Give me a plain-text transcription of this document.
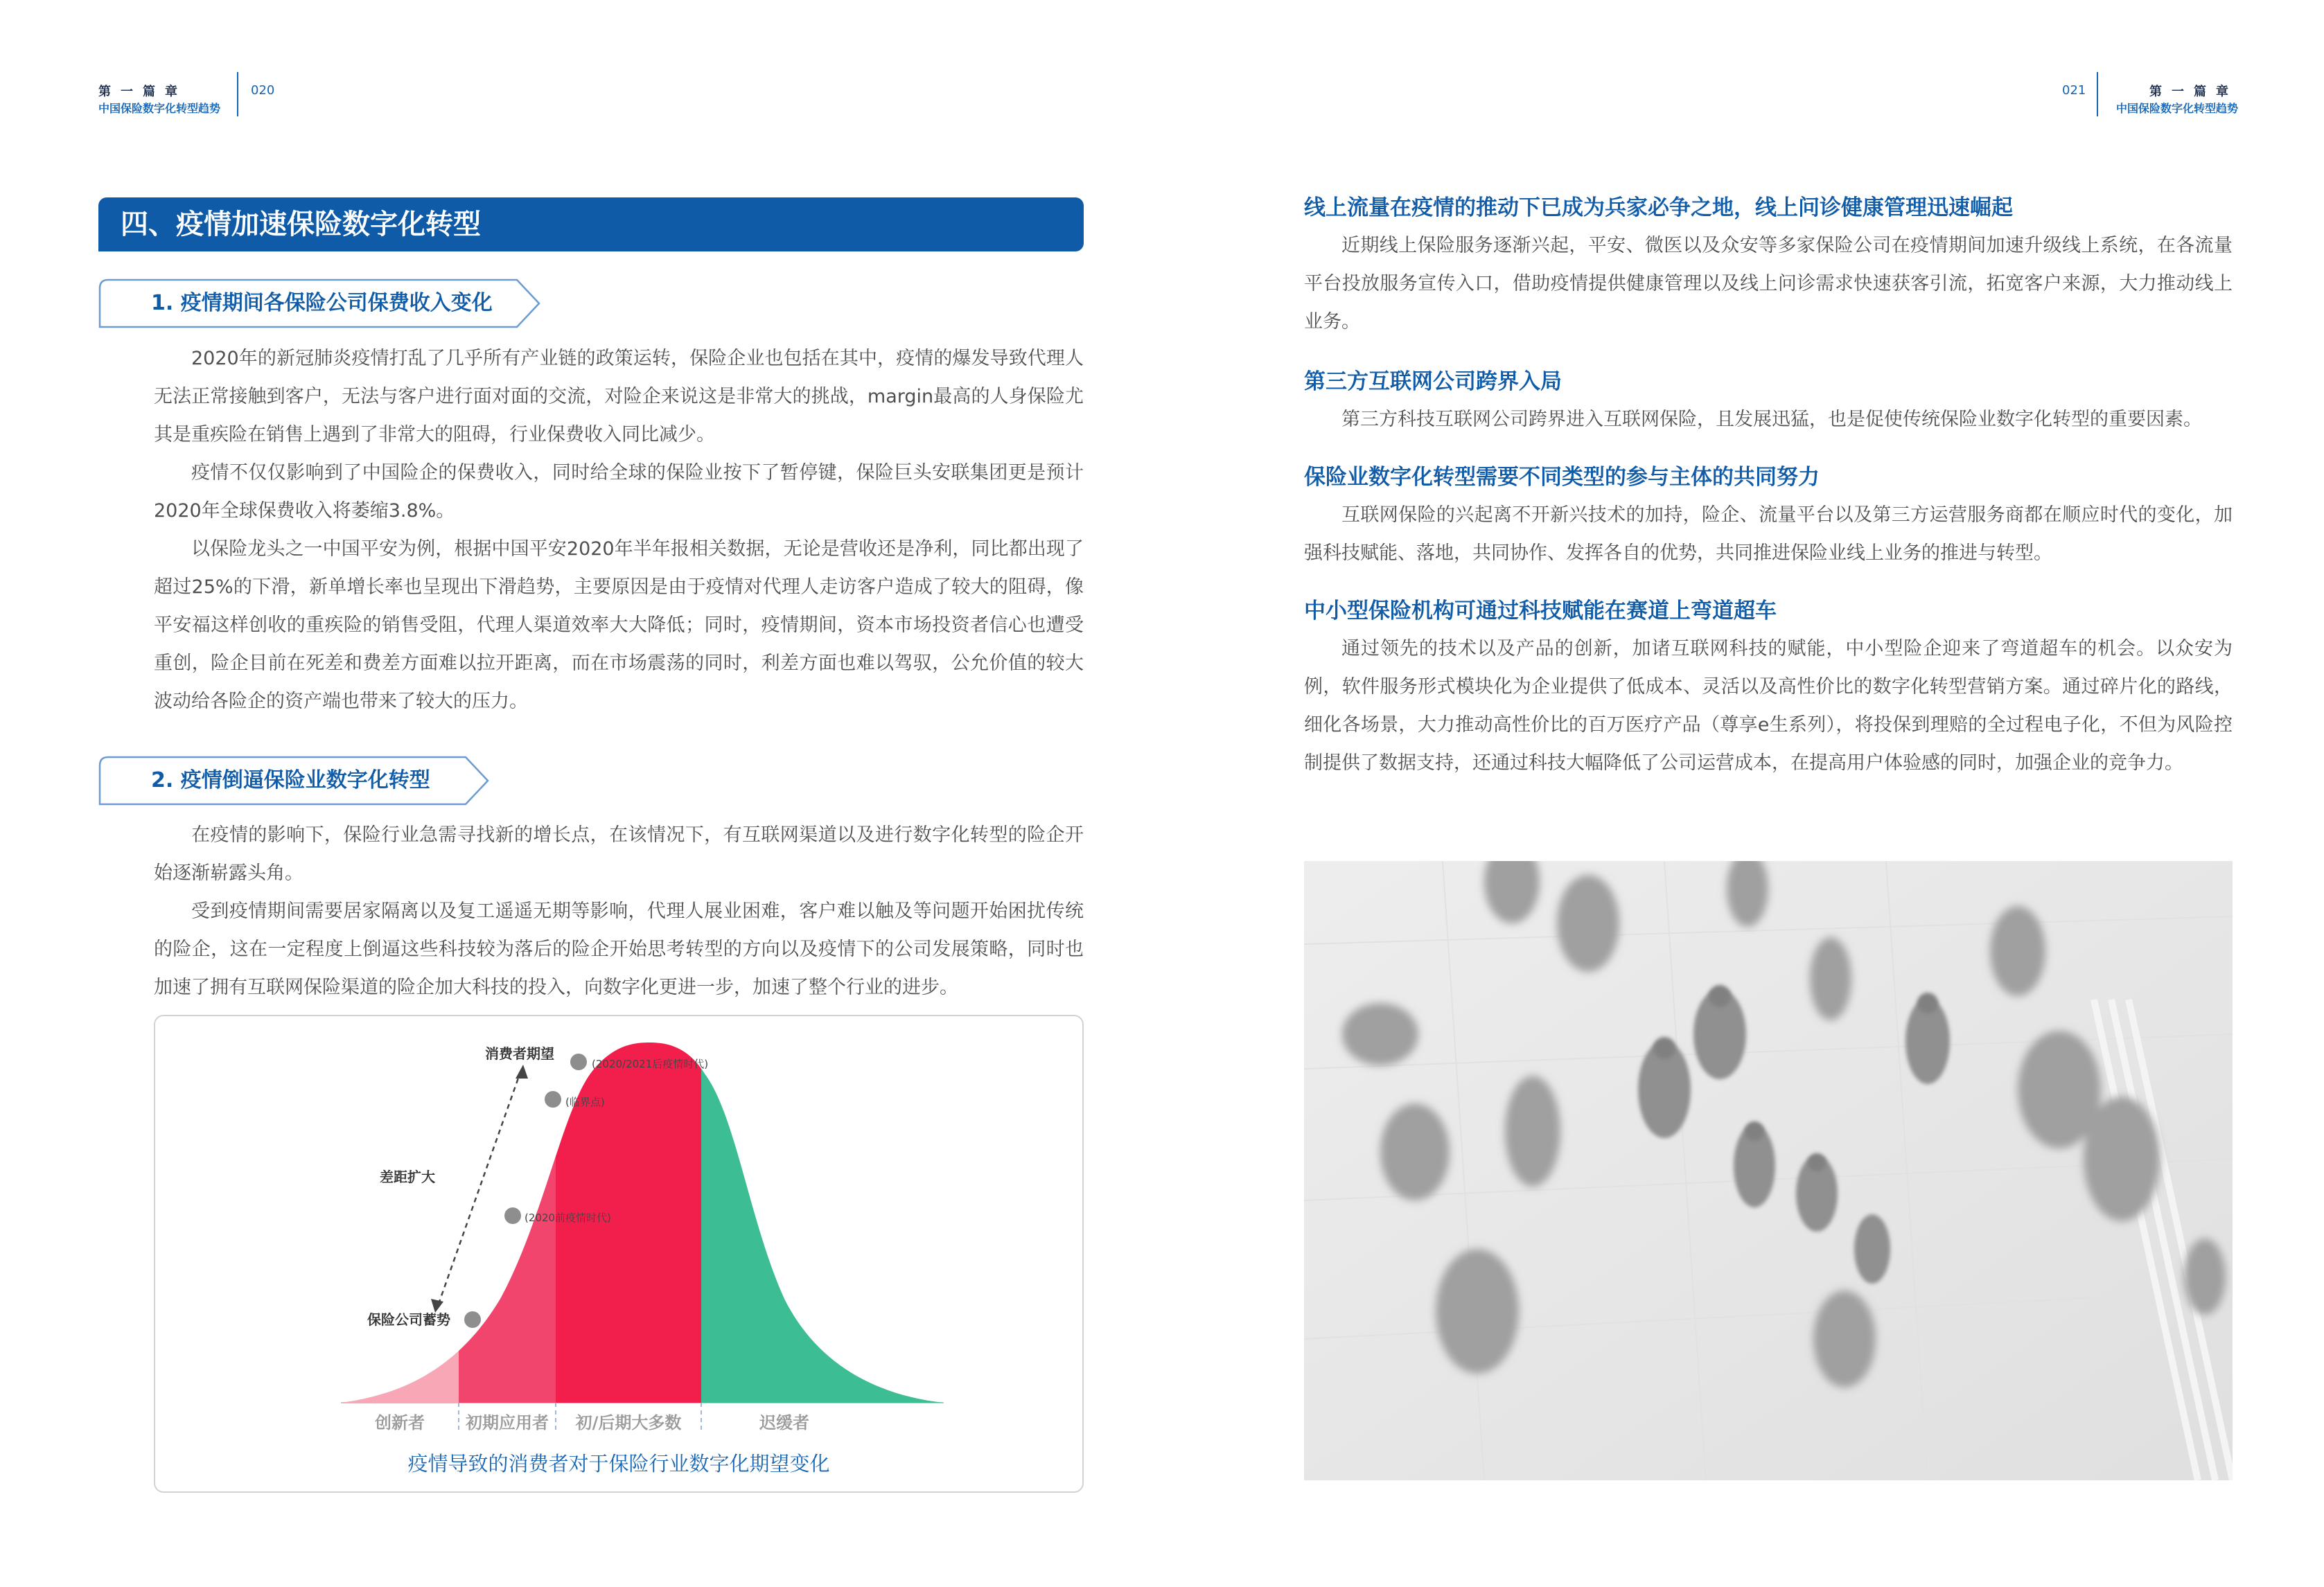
第一篇章
中国保险数字化转型趋势
020	021	第一篇章
中国保险数字化转型趋势
四、疫情加速保险数字化转型
1. 疫情期间各保险公司保费收入变化

2020年的新冠肺炎疫情打乱了几乎所有产业链的政策运转，保险企业也包括在其中，疫情的爆发导致代理人无法正常接触到客户，无法与客户进行面对面的交流，对险企来说这是非常大的挑战，margin最高的人身保险尤其是重疾险在销售上遇到了非常大的阻碍，行业保费收入同比减少。

疫情不仅仅影响到了中国险企的保费收入，同时给全球的保险业按下了暂停键，保险巨头安联集团更是预计2020年全球保费收入将萎缩3.8%。

以保险龙头之一中国平安为例，根据中国平安2020年半年报相关数据，无论是营收还是净利，同比都出现了超过25%的下滑，新单增长率也呈现出下滑趋势，主要原因是由于疫情对代理人走访客户造成了较大的阻碍，像平安福这样创收的重疾险的销售受阻，代理人渠道效率大大降低；同时，疫情期间，资本市场投资者信心也遭受重创，险企目前在死差和费差方面难以拉开距离，而在市场震荡的同时，利差方面也难以驾驭，公允价值的较大波动给各险企的资产端也带来了较大的压力。

2. 疫情倒逼保险业数字化转型

在疫情的影响下，保险行业急需寻找新的增长点，在该情况下，有互联网渠道以及进行数字化转型的险企开始逐渐崭露头角。

受到疫情期间需要居家隔离以及复工遥遥无期等影响，代理人展业困难，客户难以触及等问题开始困扰传统的险企，这在一定程度上倒逼这些科技较为落后的险企开始思考转型的方向以及疫情下的公司发展策略，同时也加速了拥有互联网保险渠道的险企加大科技的投入，向数字化更进一步，加速了整个行业的进步。

消费者期望
(2020/2021后疫情时代)
(临界点)
差距扩大
(2020前疫情时代)
保险公司蓄势
创新者 初期应用者 初/后期大多数	迟缓者
疫情导致的消费者对于保险行业数字化期望变化
线上流量在疫情的推动下已成为兵家必争之地，线上问诊健康管理迅速崛起

近期线上保险服务逐渐兴起，平安、微医以及众安等多家保险公司在疫情期间加速升级线上系统，在各流量平台投放服务宣传入口，借助疫情提供健康管理以及线上问诊需求快速获客引流，拓宽客户来源，大力推动线上业务。

第三方互联网公司跨界入局

第三方科技互联网公司跨界进入互联网保险，且发展迅猛，也是促使传统保险业数字化转型的重要因素。

保险业数字化转型需要不同类型的参与主体的共同努力

互联网保险的兴起离不开新兴技术的加持，险企、流量平台以及第三方运营服务商都在顺应时代的变化，加强科技赋能、落地，共同协作、发挥各自的优势，共同推进保险业线上业务的推进与转型。

中小型保险机构可通过科技赋能在赛道上弯道超车

通过领先的技术以及产品的创新，加诸互联网科技的赋能，中小型险企迎来了弯道超车的机会。以众安为例，软件服务形式模块化为企业提供了低成本、灵活以及高性价比的数字化转型营销方案。通过碎片化的路线，细化各场景，大力推动高性价比的百万医疗产品（尊享e生系列），将投保到理赔的全过程电子化，不但为风险控制提供了数据支持，还通过科技大幅降低了公司运营成本，在提高用户体验感的同时，加强企业的竞争力。
